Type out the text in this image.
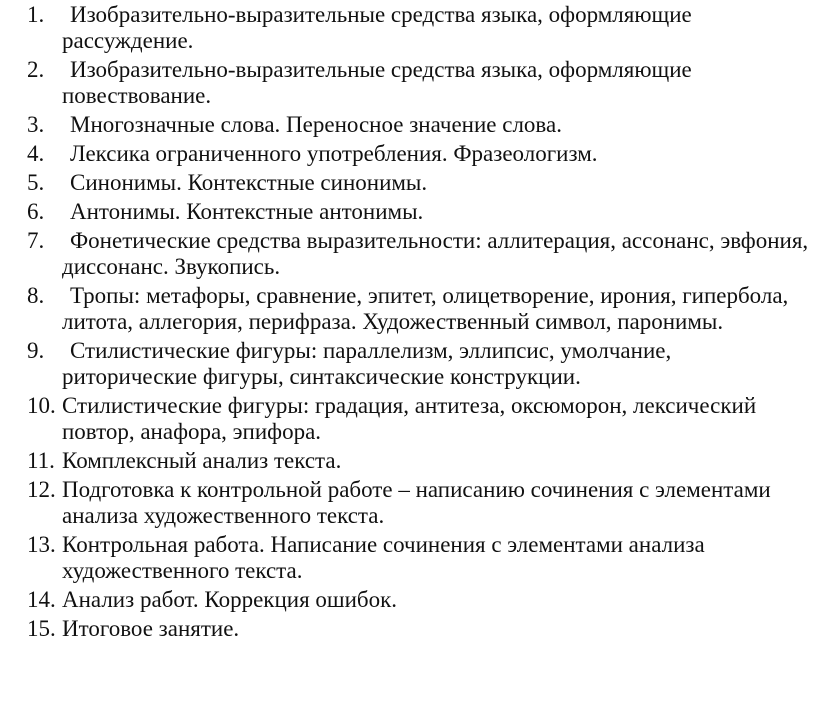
1.	Изобразительно-выразительные средства языка, оформляющие рассуждение.
2.	Изобразительно-выразительные средства языка, оформляющие повествование.
3.	Многозначные слова. Переносное значение слова.
4.	Лексика ограниченного употребления. Фразеологизм.
5.	Синонимы. Контекстные синонимы.
6.	Антонимы. Контекстные антонимы.
7.	Фонетические средства выразительности: аллитерация, ассонанс, эвфония, диссонанс. Звукопись.
8.	Тропы: метафоры, сравнение, эпитет, олицетворение, ирония, гипербола, литота, аллегория, перифраза. Художественный символ, паронимы.
9.	Стилистические фигуры: параллелизм, эллипсис, умолчание, риторические фигуры, синтаксические конструкции.
10. Стилистические фигуры: градация, антитеза, оксюморон, лексический повтор, анафора, эпифора.
11. Комплексный анализ текста.
12. Подготовка к контрольной работе – написанию сочинения с элементами анализа художественного текста.
13. Контрольная работа. Написание сочинения с элементами анализа художественного текста.
14. Анализ работ. Коррекция ошибок.
15. Итоговое занятие.
